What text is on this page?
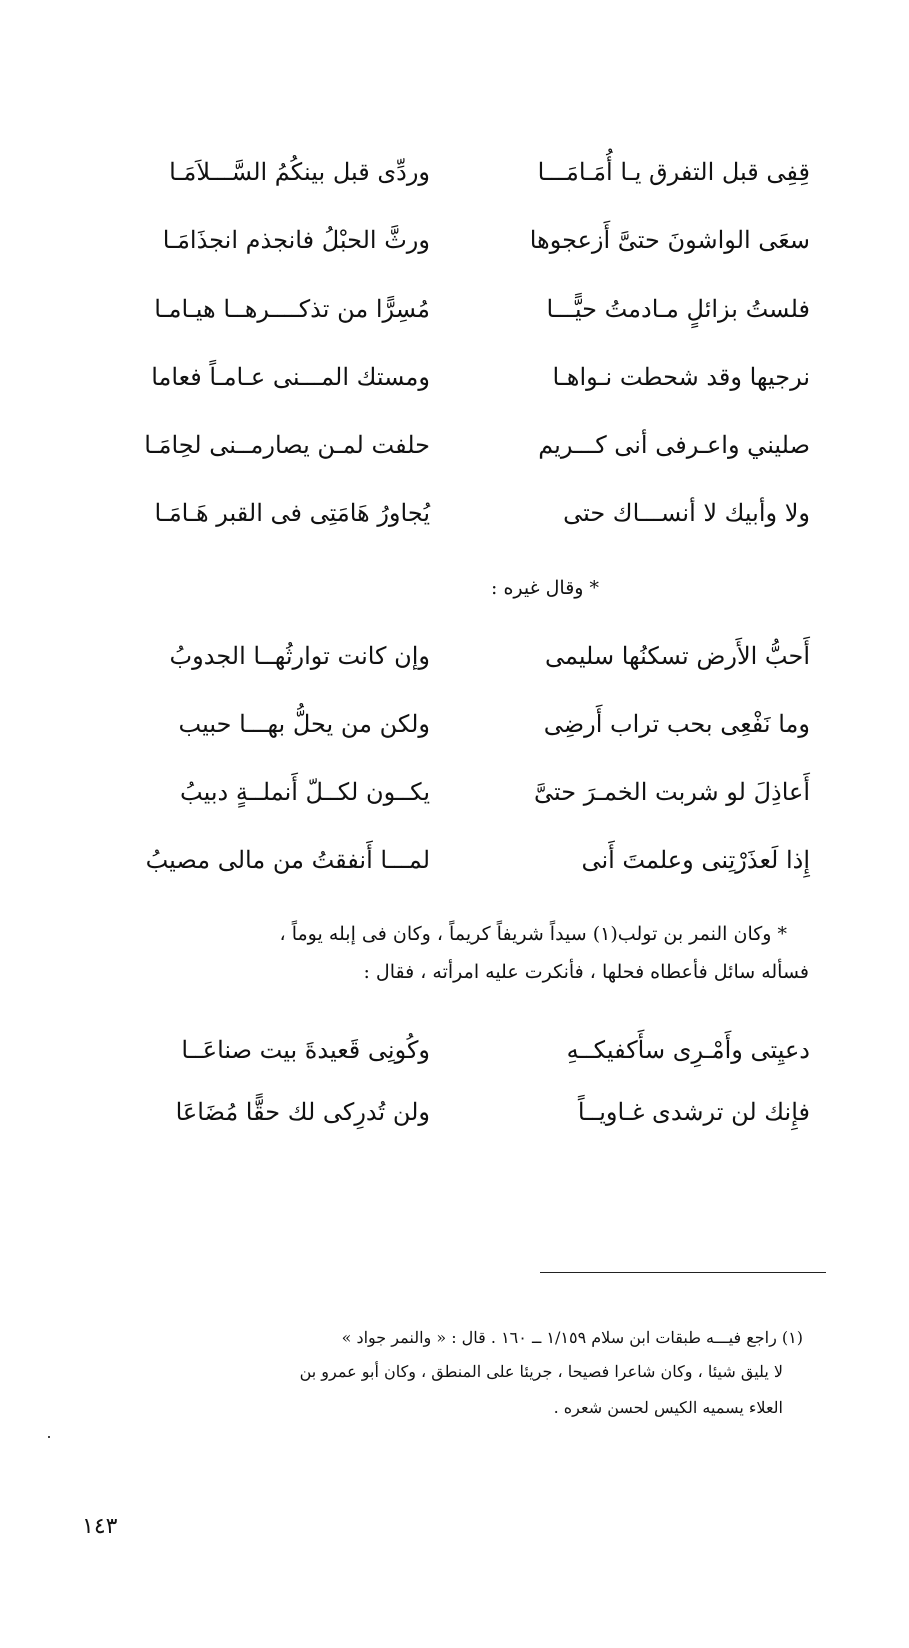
قِفِى قبل التفرق يـا أُمَـامَـــا
وردِّى قبل بينكُمُ السَّـــلاَمَـا
سعَى الواشونَ حتىَّ أَزعجوها
ورثَّ الحبْلُ فانجذم انجذَامَـا
فلستُ بزائلٍ مـادمتُ حيًّـــا
مُسِرًّا من تذكــــرهــا هيـامـا
نرجيها وقد شحطت نـواهـا
ومستك المـــنى عـامـاً فعاما
صليني واعـرفى أنى كـــريم
حلفت لمـن يصارمــنى لحِامَـا
ولا وأبيك لا أنســـاك حتى
يُجاورُ هَامَتِى فى القبر هَـامَـا
* وقال غيره :
أَحبُّ الأَرض تسكنُها سليمى
وإن كانت توارثُهــا الجدوبُ
وما نَفْعِى بحب تراب أَرضِى
ولكن من يحلُّ بهـــا حبيب
أَعاذِلَ لو شربت الخمـرَ حتىَّ
يكــون لكــلّ أَنملــةٍ دبيبُ
إِذا لَعذَرْتِنى وعلمتَ أَنى
لمـــا أَنفقتُ من مالى مصيبُ
* وكان النمر بن تولب(١) سيداً شريفاً كريماً ، وكان فى إبله يوماً ،
فسأله سائل فأعطاه فحلها ، فأنكرت عليه امرأته ، فقال :
دعيِتى وأَمْـرِى سأَكفيكــهِ
وكُونِى قَعيدةَ بيت صناعَــا
فإِنك لن ترشدى غـاويــاً
ولن تُدرِكى لك حقًّا مُضَاعَا
(١) راجع فيـــه طبقات ابن سلام ١/١٥٩ ــ ١٦٠ . قال : « والنمر جواد »
لا يليق شيئا ، وكان شاعرا فصيحا ، جريئا على المنطق ، وكان أبو عمرو بن
العلاء يسميه الكيس لحسن شعره .
١٤٣
